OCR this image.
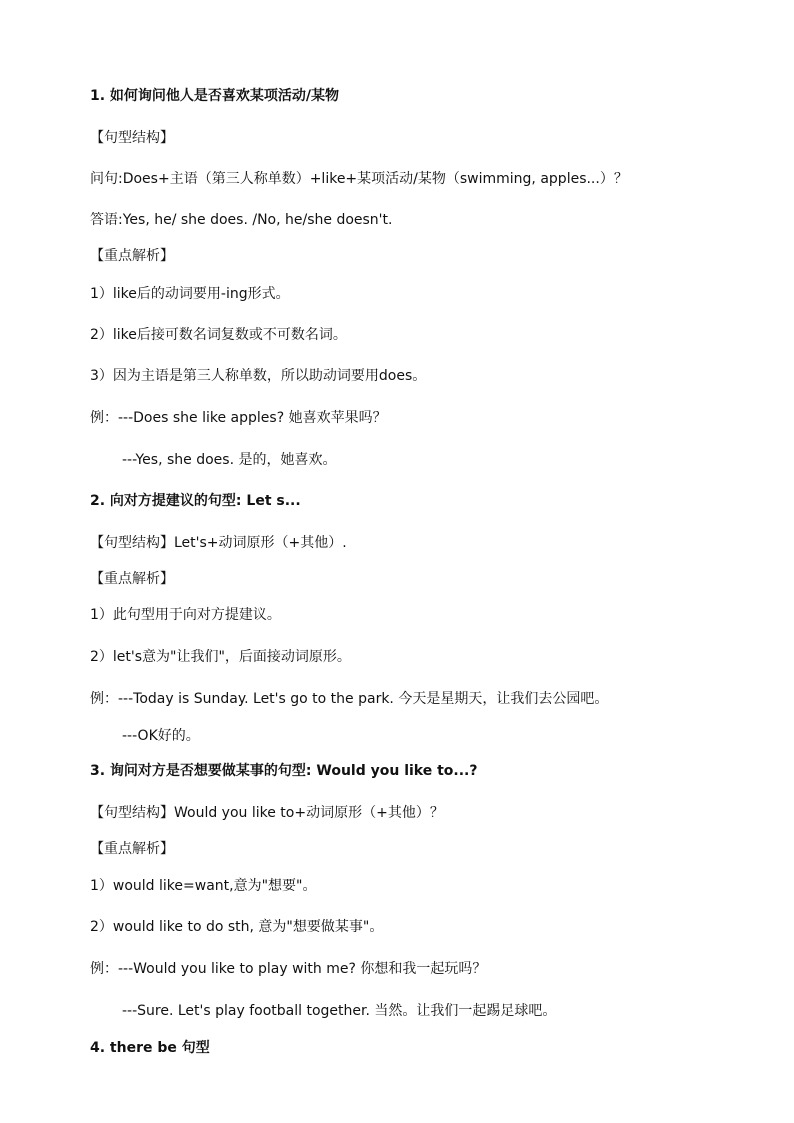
1. 如何询问他人是否喜欢某项活动/某物
【句型结构】
问句:Does+主语（第三人称单数）+like+某项活动/某物（swimming, apples...）？
答语:Yes, he/ she does. /No, he/she doesn't.
【重点解析】
1）like后的动词要用-ing形式。
2）like后接可数名词复数或不可数名词。
3）因为主语是第三人称单数，所以助动词要用does。
例：---Does she like apples? 她喜欢苹果吗？
---Yes, she does. 是的，她喜欢。
2. 向对方提建议的句型: Let s...
【句型结构】Let's+动词原形（+其他）.
【重点解析】
1）此句型用于向对方提建议。
2）let's意为"让我们"，后面接动词原形。
例：---Today is Sunday. Let's go to the park. 今天是星期天，让我们去公园吧。
---OK好的。
3. 询问对方是否想要做某事的句型: Would you like to...?
【句型结构】Would you like to+动词原形（+其他）？
【重点解析】
1）would like=want,意为"想要"。
2）would like to do sth, 意为"想要做某事"。
例：---Would you like to play with me? 你想和我一起玩吗？
---Sure. Let's play football together. 当然。让我们一起踢足球吧。
4. there be 句型
